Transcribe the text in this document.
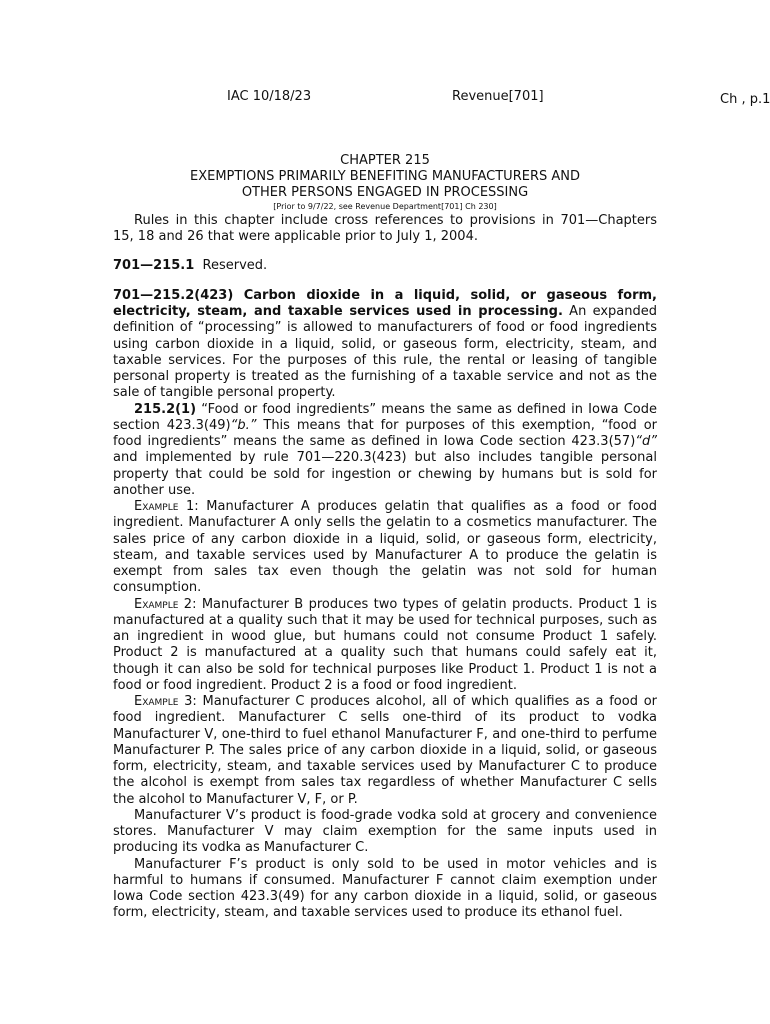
IAC 10/18/23	Revenue[701]	Ch , p.1
CHAPTER 215
EXEMPTIONS PRIMARILY BENEFITING MANUFACTURERS AND
OTHER PERSONS ENGAGED IN PROCESSING
[Prior to 9/7/22, see Revenue Department[701] Ch 230]

Rules in this chapter include cross references to provisions in 701—Chapters 15, 18 and 26 that were applicable prior to July 1, 2004.

701—215.1 Reserved.

701—215.2(423) Carbon dioxide in a liquid, solid, or gaseous form, electricity, steam, and taxable services used in processing. An expanded definition of “processing” is allowed to manufacturers of food or food ingredients using carbon dioxide in a liquid, solid, or gaseous form, electricity, steam, and taxable services. For the purposes of this rule, the rental or leasing of tangible personal property is treated as the furnishing of a taxable service and not as the sale of tangible personal property.

215.2(1) “Food or food ingredients” means the same as defined in Iowa Code section 423.3(49)“b.” This means that for purposes of this exemption, “food or food ingredients” means the same as defined in Iowa Code section 423.3(57)“d” and implemented by rule 701—220.3(423) but also includes tangible personal property that could be sold for ingestion or chewing by humans but is sold for another use.

Example 1: Manufacturer A produces gelatin that qualifies as a food or food ingredient. Manufacturer A only sells the gelatin to a cosmetics manufacturer. The sales price of any carbon dioxide in a liquid, solid, or gaseous form, electricity, steam, and taxable services used by Manufacturer A to produce the gelatin is exempt from sales tax even though the gelatin was not sold for human consumption.

Example 2: Manufacturer B produces two types of gelatin products. Product 1 is manufactured at a quality such that it may be used for technical purposes, such as an ingredient in wood glue, but humans could not consume Product 1 safely. Product 2 is manufactured at a quality such that humans could safely eat it, though it can also be sold for technical purposes like Product 1. Product 1 is not a food or food ingredient. Product 2 is a food or food ingredient.

Example 3: Manufacturer C produces alcohol, all of which qualifies as a food or food ingredient. Manufacturer C sells one-third of its product to vodka Manufacturer V, one-third to fuel ethanol Manufacturer F, and one-third to perfume Manufacturer P. The sales price of any carbon dioxide in a liquid, solid, or gaseous form, electricity, steam, and taxable services used by Manufacturer C to produce the alcohol is exempt from sales tax regardless of whether Manufacturer C sells the alcohol to Manufacturer V, F, or P.

Manufacturer V’s product is food-grade vodka sold at grocery and convenience stores. Manufacturer V may claim exemption for the same inputs used in producing its vodka as Manufacturer C.

Manufacturer F’s product is only sold to be used in motor vehicles and is harmful to humans if consumed. Manufacturer F cannot claim exemption under Iowa Code section 423.3(49) for any carbon dioxide in a liquid, solid, or gaseous form, electricity, steam, and taxable services used to produce its ethanol fuel.
